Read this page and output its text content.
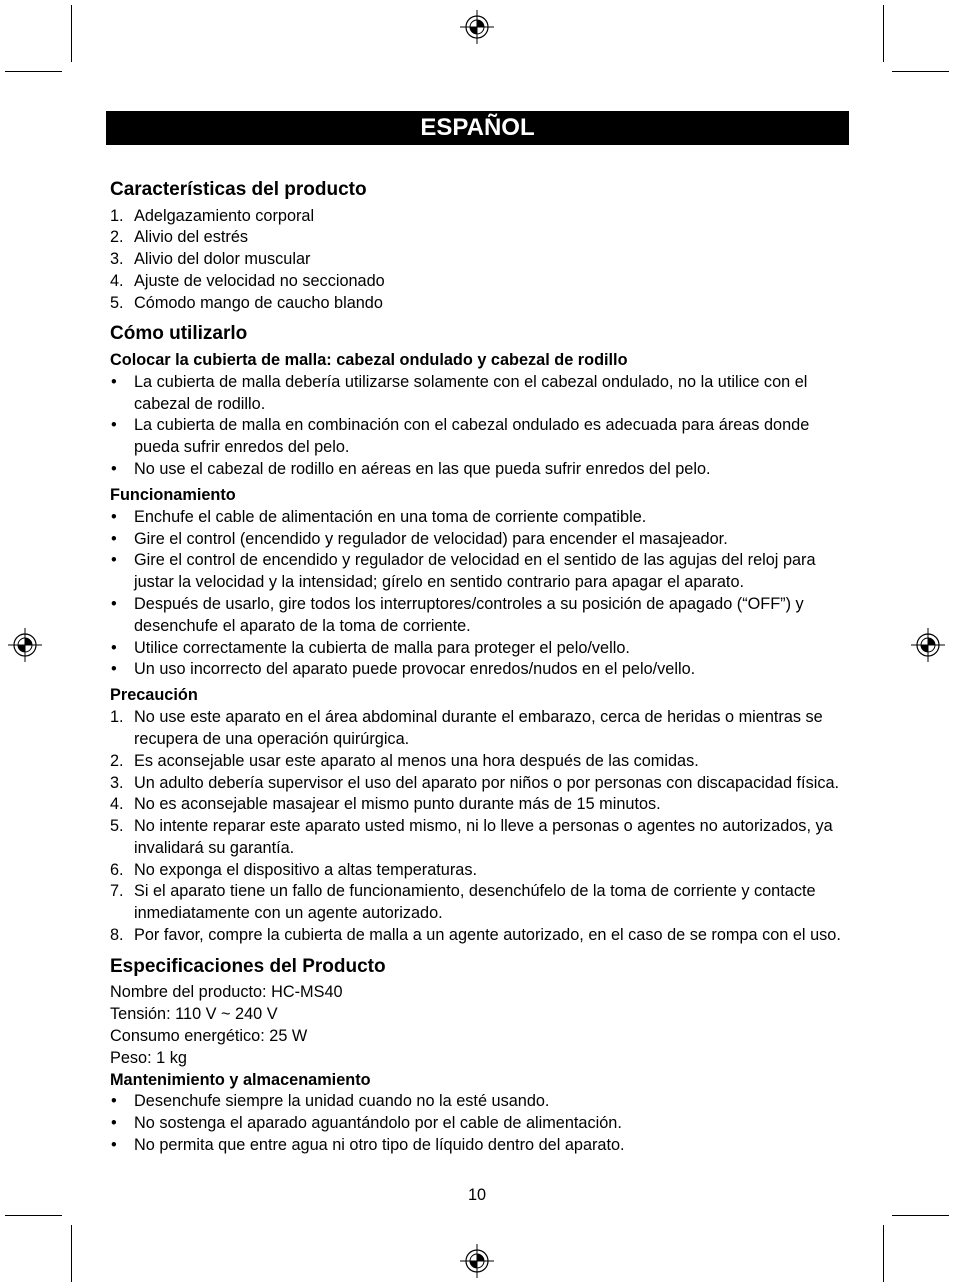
ESPAÑOL
Características del producto
1. Adelgazamiento corporal
2. Alivio del estrés
3. Alivio del dolor muscular
4. Ajuste de velocidad no seccionado
5. Cómodo mango de caucho blando
Cómo utilizarlo
Colocar la cubierta de malla: cabezal ondulado y cabezal de rodillo
•	La cubierta de malla debería utilizarse solamente con el cabezal ondulado, no la utilice con el cabezal de rodillo.
•	La cubierta de malla en combinación con el cabezal ondulado es adecuada para áreas donde pueda sufrir enredos del pelo.
•	No use el cabezal de rodillo en aéreas en las que pueda sufrir enredos del pelo.
Funcionamiento
•	Enchufe el cable de alimentación en una toma de corriente compatible.
•	Gire el control (encendido y regulador de velocidad) para encender el masajeador.
•	Gire el control de encendido y regulador de velocidad en el sentido de las agujas del reloj para justar la velocidad y la intensidad; gírelo en sentido contrario para apagar el aparato.
•	Después de usarlo, gire todos los interruptores/controles a su posición de apagado (“OFF”) y desenchufe el aparato de la toma de corriente.
•	Utilice correctamente la cubierta de malla para proteger el pelo/vello.
•	Un uso incorrecto del aparato puede provocar enredos/nudos en el pelo/vello.
Precaución
1. No use este aparato en el área abdominal durante el embarazo, cerca de heridas o mientras se recupera de una operación quirúrgica.
2. Es aconsejable usar este aparato al menos una hora después de las comidas.
3. Un adulto debería supervisor el uso del aparato por niños o por personas con discapacidad física.
4. No es aconsejable masajear el mismo punto durante más de 15 minutos.
5. No intente reparar este aparato usted mismo, ni lo lleve a personas o agentes no autorizados, ya invalidará su garantía.
6. No exponga el dispositivo a altas temperaturas.
7. Si el aparato tiene un fallo de funcionamiento, desenchúfelo de la toma de corriente y contacte inmediatamente con un agente autorizado.
8. Por favor, compre la cubierta de malla a un agente autorizado, en el caso de se rompa con el uso.
Especificaciones del Producto

Nombre del producto: HC-MS40

Tensión: 110 V ~ 240 V

Consumo energético: 25 W

Peso: 1 kg

Mantenimiento y almacenamiento
•	Desenchufe siempre la unidad cuando no la esté usando.
•	No sostenga el aparado aguantándolo por el cable de alimentación.
•	No permita que entre agua ni otro tipo de líquido dentro del aparato.
10
